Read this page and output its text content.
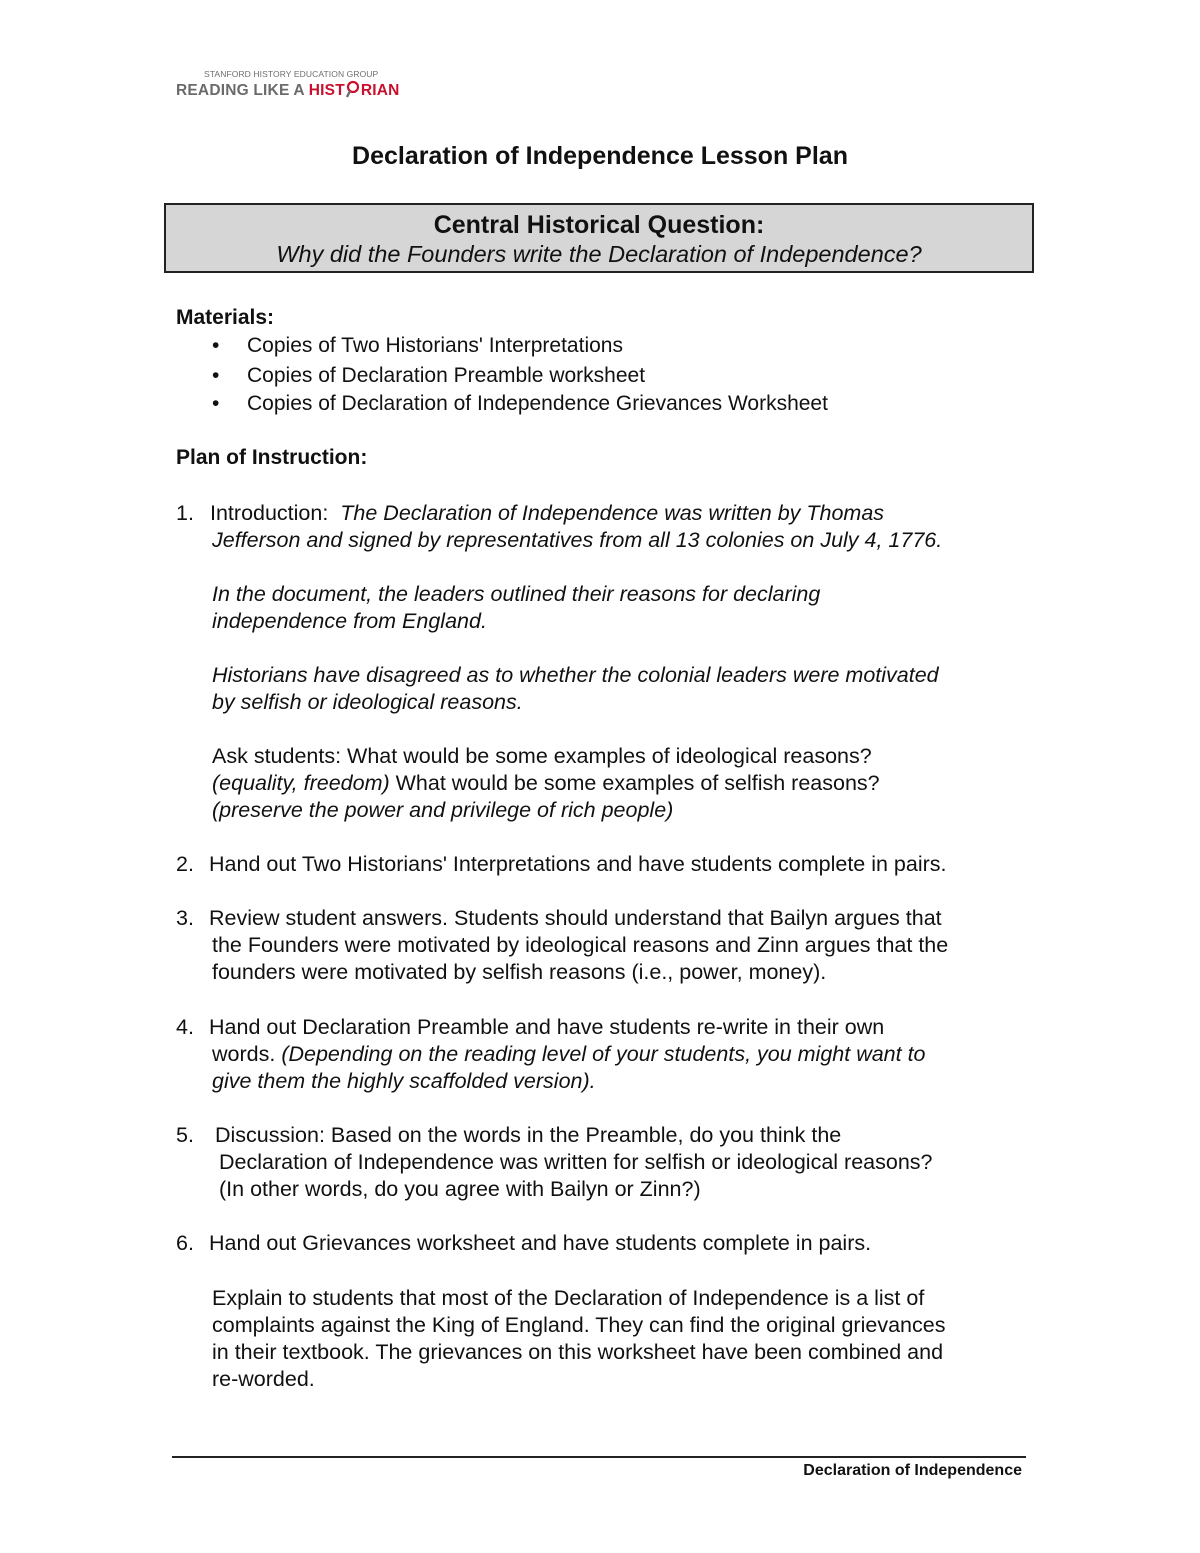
STANFORD HISTORY EDUCATION GROUP
READING LIKE A HIST RIAN
Declaration of Independence Lesson Plan
Central Historical Question:
Why did the Founders write the Declaration of Independence?
Materials:
• Copies of Two Historians' Interpretations
• Copies of Declaration Preamble worksheet
• Copies of Declaration of Independence Grievances Worksheet
Plan of Instruction:
1. Introduction: The Declaration of Independence was written by Thomas
Jefferson and signed by representatives from all 13 colonies on July 4, 1776.
In the document, the leaders outlined their reasons for declaring
independence from England.
Historians have disagreed as to whether the colonial leaders were motivated
by selfish or ideological reasons.
Ask students: What would be some examples of ideological reasons?
(equality, freedom) What would be some examples of selfish reasons?
(preserve the power and privilege of rich people)
2. Hand out Two Historians' Interpretations and have students complete in pairs.
3. Review student answers. Students should understand that Bailyn argues that
the Founders were motivated by ideological reasons and Zinn argues that the
founders were motivated by selfish reasons (i.e., power, money).
4. Hand out Declaration Preamble and have students re-write in their own
words. (Depending on the reading level of your students, you might want to
give them the highly scaffolded version).
5. Discussion: Based on the words in the Preamble, do you think the
Declaration of Independence was written for selfish or ideological reasons?
(In other words, do you agree with Bailyn or Zinn?)
6. Hand out Grievances worksheet and have students complete in pairs.
Explain to students that most of the Declaration of Independence is a list of
complaints against the King of England. They can find the original grievances
in their textbook. The grievances on this worksheet have been combined and
re-worded.
Declaration of Independence
